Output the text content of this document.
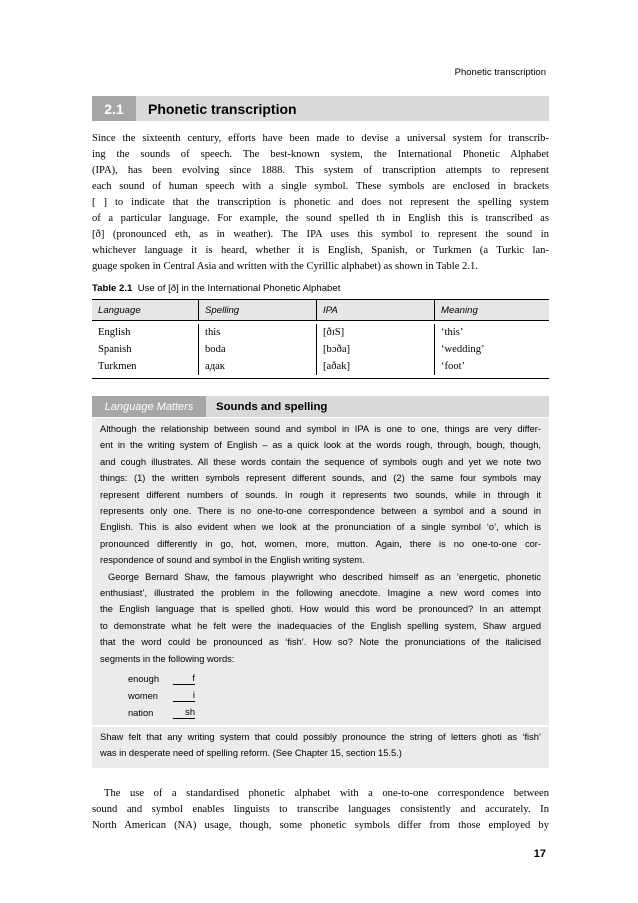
Phonetic transcription
2.1	Phonetic transcription
Since the sixteenth century, efforts have been made to devise a universal system for transcrib-
ing the sounds of speech. The best-known system, the International Phonetic Alphabet
(IPA), has been evolving since 1888. This system of transcription attempts to represent
each sound of human speech with a single symbol. These symbols are enclosed in brackets
[ ] to indicate that the transcription is phonetic and does not represent the spelling system
of a particular language. For example, the sound spelled th in English this is transcribed as
[ð] (pronounced eth, as in weather). The IPA uses this symbol to represent the sound in
whichever language it is heard, whether it is English, Spanish, or Turkmen (a Turkic lan-
guage spoken in Central Asia and written with the Cyrillic alphabet) as shown in Table 2.1.
Table 2.1 Use of [ð] in the International Phonetic Alphabet
Language	Spelling	IPA	Meaning
English	this	[ðɪS]	‘this’
Spanish	boda	[bɔða]	‘wedding’
Turkmen	адак	[aðak]	‘foot’
Language Matters	Sounds and spelling
Although the relationship between sound and symbol in IPA is one to one, things are very differ-
ent in the writing system of English – as a quick look at the words rough, through, bough, though,
and cough illustrates. All these words contain the sequence of symbols ough and yet we note two
things: (1) the written symbols represent different sounds, and (2) the same four symbols may
represent different numbers of sounds. In rough it represents two sounds, while in through it
represents only one. There is no one-to-one correspondence between a symbol and a sound in
English. This is also evident when we look at the pronunciation of a single symbol ‘o’, which is
pronounced differently in go, hot, women, more, mutton. Again, there is no one-to-one cor-
respondence of sound and symbol in the English writing system.
George Bernard Shaw, the famous playwright who described himself as an ‘energetic, phonetic
enthusiast’, illustrated the problem in the following anecdote. Imagine a new word comes into
the English language that is spelled ghoti. How would this word be pronounced? In an attempt
to demonstrate what he felt were the inadequacies of the English spelling system, Shaw argued
that the word could be pronounced as ‘fish’. How so? Note the pronunciations of the italicised
segments in the following words:
enough	f
women	i
nation	sh
The use of a standardised phonetic alphabet with a one-to-one correspondence between
sound and symbol enables linguists to transcribe languages consistently and accurately. In
North American (NA) usage, though, some phonetic symbols differ from those employed by
17
Shaw felt that any writing system that could possibly pronounce the string of letters ghoti as ‘fish’
was in desperate need of spelling reform. (See Chapter 15, section 15.5.)
